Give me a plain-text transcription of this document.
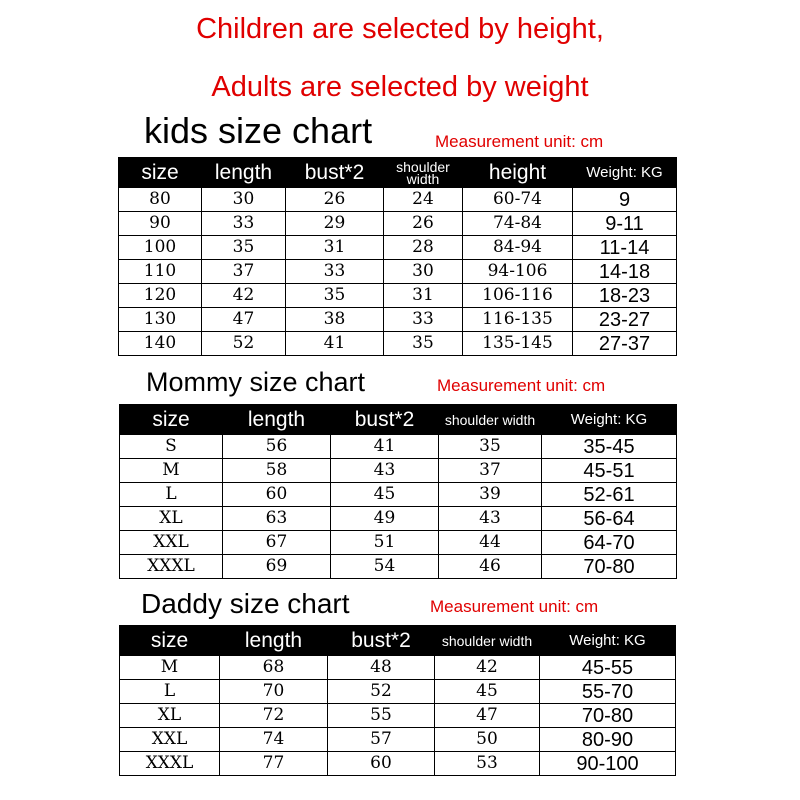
Children are selected by height,
Adults are selected by weight
kids size chart	Measurement unit: cm
size	length	bust*2	shoulder width	height	Weight: KG
80	30	26	24	60-74	9
90	33	29	26	74-84	9-11
100	35	31	28	84-94	11-14
110	37	33	30	94-106	14-18
120	42	35	31	106-116	18-23
130	47	38	33	116-135	23-27
140	52	41	35	135-145	27-37
Mommy size chart	Measurement unit: cm
size	length	bust*2	shoulder width	Weight: KG
S	56	41	35	35-45
M	58	43	37	45-51
L	60	45	39	52-61
XL	63	49	43	56-64
XXL	67	51	44	64-70
XXXL	69	54	46	70-80
Daddy size chart	Measurement unit: cm
size	length	bust*2	shoulder width	Weight: KG
M	68	48	42	45-55
L	70	52	45	55-70
XL	72	55	47	70-80
XXL	74	57	50	80-90
XXXL	77	60	53	90-100
